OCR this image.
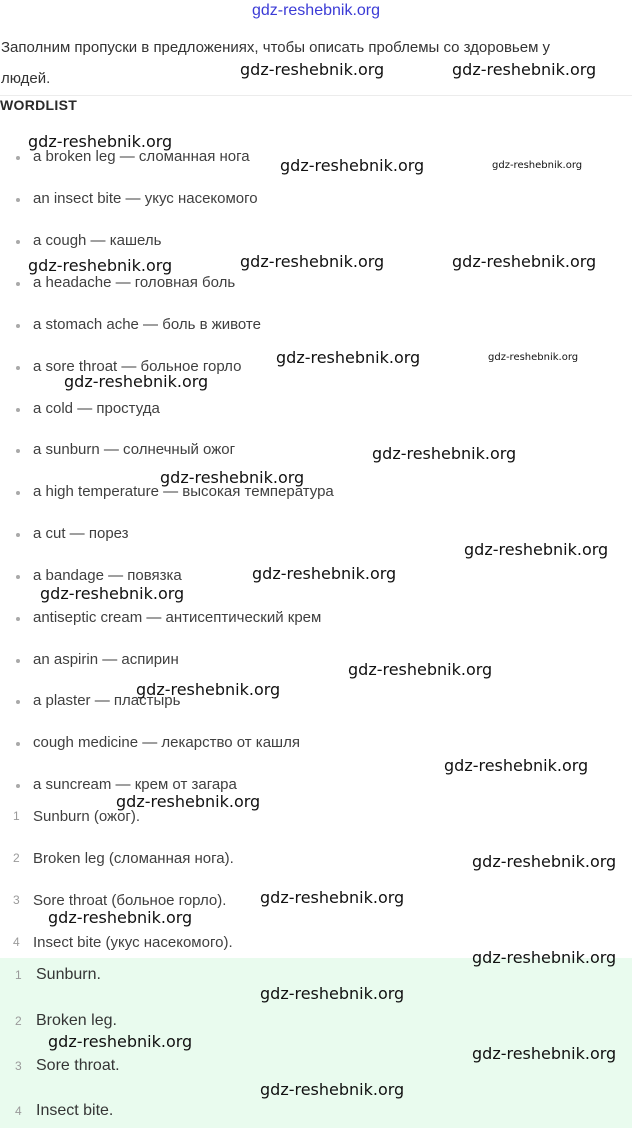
gdz-reshebnik.org
Заполним пропуски в предложениях, чтобы описать проблемы со здоровьем у
людей.
WORDLIST
a broken leg — сломанная нога
an insect bite — укус насекомого
a cough — кашель
a headache — головная боль
a stomach ache — боль в животе
a sore throat — больное горло
a cold — простуда
a sunburn — солнечный ожог
a high temperature — высокая температура
a cut — порез
a bandage — повязка
antiseptic cream — антисептический крем
an aspirin — аспирин
a plaster — пластырь
cough medicine — лекарство от кашля
a suncream — крем от загара
1 Sunburn (ожог).
2 Broken leg (сломанная нога).
3 Sore throat (больное горло).
4 Insect bite (укус насекомого).
1 Sunburn.
2 Broken leg.
3 Sore throat.
4 Insect bite.
gdz-reshebnik.org	gdz-reshebnik.org
gdz-reshebnik.org
gdz-reshebnik.org	gdz-reshebnik.org
gdz-reshebnik.org	gdz-reshebnik.org	gdz-reshebnik.org
gdz-reshebnik.org	gdz-reshebnik.org
gdz-reshebnik.org
gdz-reshebnik.org
gdz-reshebnik.org
gdz-reshebnik.org
gdz-reshebnik.org
gdz-reshebnik.org
gdz-reshebnik.org
gdz-reshebnik.org
gdz-reshebnik.org
gdz-reshebnik.org
gdz-reshebnik.org
gdz-reshebnik.org
gdz-reshebnik.org
gdz-reshebnik.org
gdz-reshebnik.org
gdz-reshebnik.org
gdz-reshebnik.org
gdz-reshebnik.org
